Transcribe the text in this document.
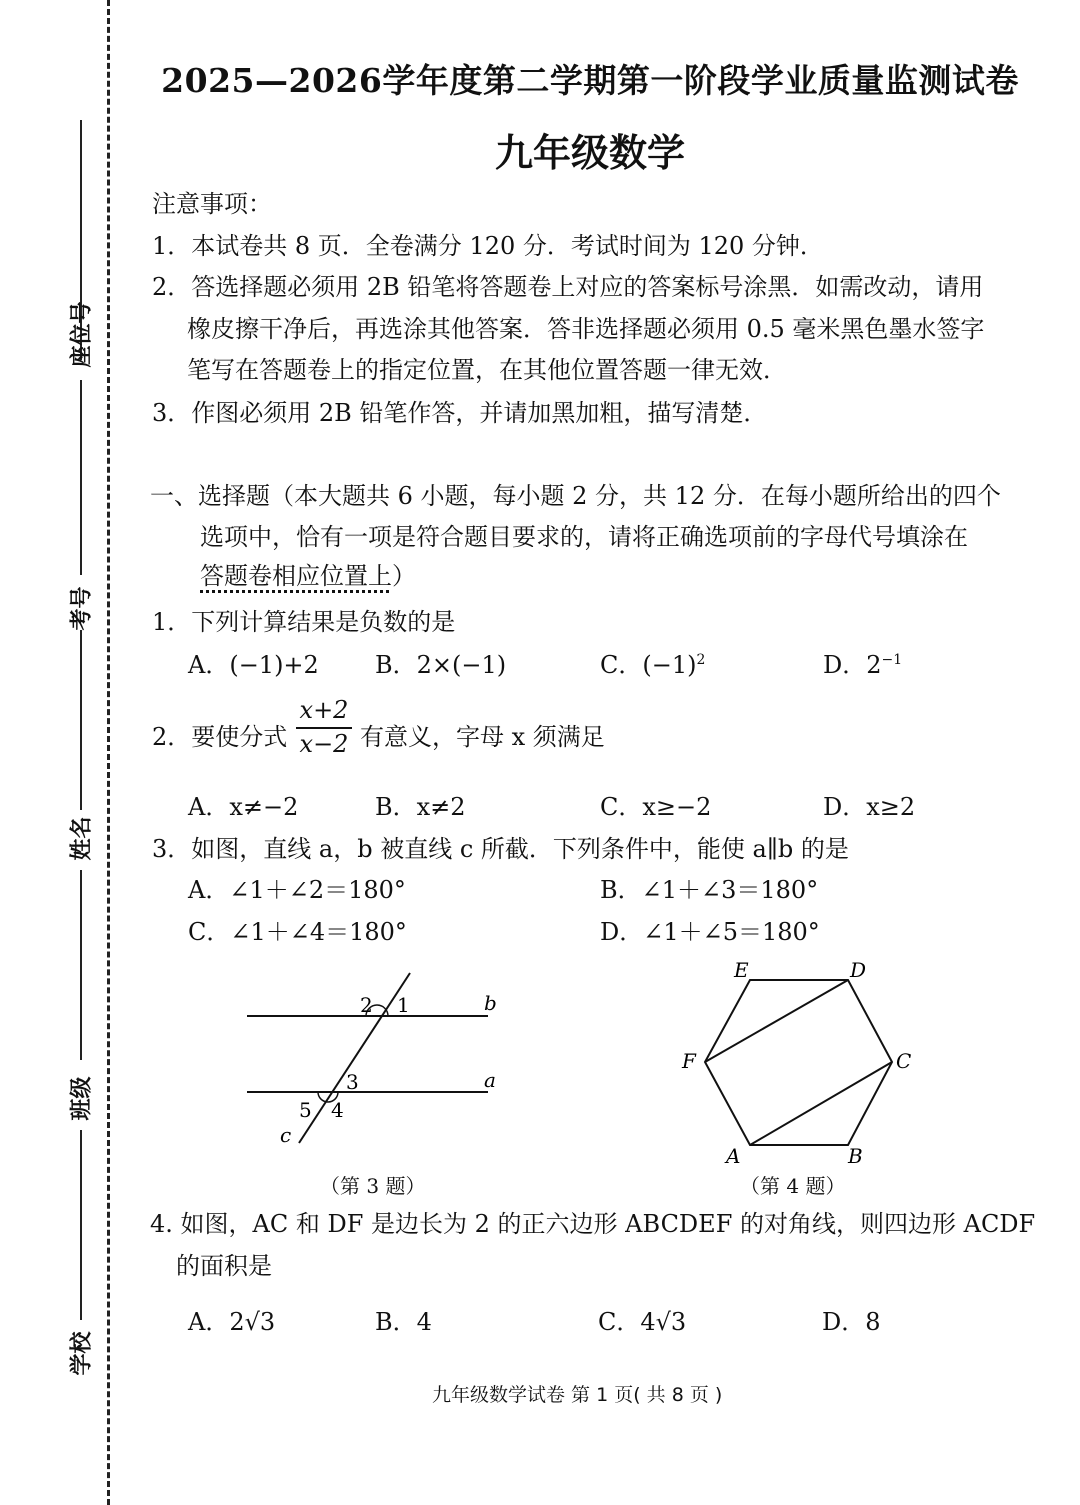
座位号
考号
姓名
班级
学校
2025—2026学年度第二学期第一阶段学业质量监测试卷
九年级数学
注意事项：
1．本试卷共 8 页．全卷满分 120 分．考试时间为 120 分钟．
2．答选择题必须用 2B 铅笔将答题卷上对应的答案标号涂黑．如需改动，请用
橡皮擦干净后，再选涂其他答案．答非选择题必须用 0.5 毫米黑色墨水签字
笔写在答题卷上的指定位置，在其他位置答题一律无效．
3．作图必须用 2B 铅笔作答，并请加黑加粗，描写清楚．
一、选择题（本大题共 6 小题，每小题 2 分，共 12 分．在每小题所给出的四个
选项中，恰有一项是符合题目要求的，请将正确选项前的字母代号填涂在
答题卷相应位置上）
1．下列计算结果是负数的是
A．(−1)+2 B．2×(−1)	C．$(-1)^2$	D．$2^{-1}$
2．要使分式
x+2
x−2 有意义，字母 x 须满足
A．x≠−2	B．x≠2	C．x≥−2	D．x≥2
3．如图，直线 a，b 被直线 c 所截．下列条件中，能使 a∥b 的是
A．∠1＋∠2＝180°	B．∠1＋∠3＝180°
C．∠1＋∠4＝180°	D．∠1＋∠5＝180°
2 1	b
3	a
5 4
c
（第 3 题）
E	D
F	C
A	B
（第 4 题）
4. 如图，AC 和 DF 是边长为 2 的正六边形 ABCDEF 的对角线，则四边形 ACDF
的面积是
A．2√3	B．4	C．4√3	D．8
九年级数学试卷 第 1 页( 共 8 页 )
